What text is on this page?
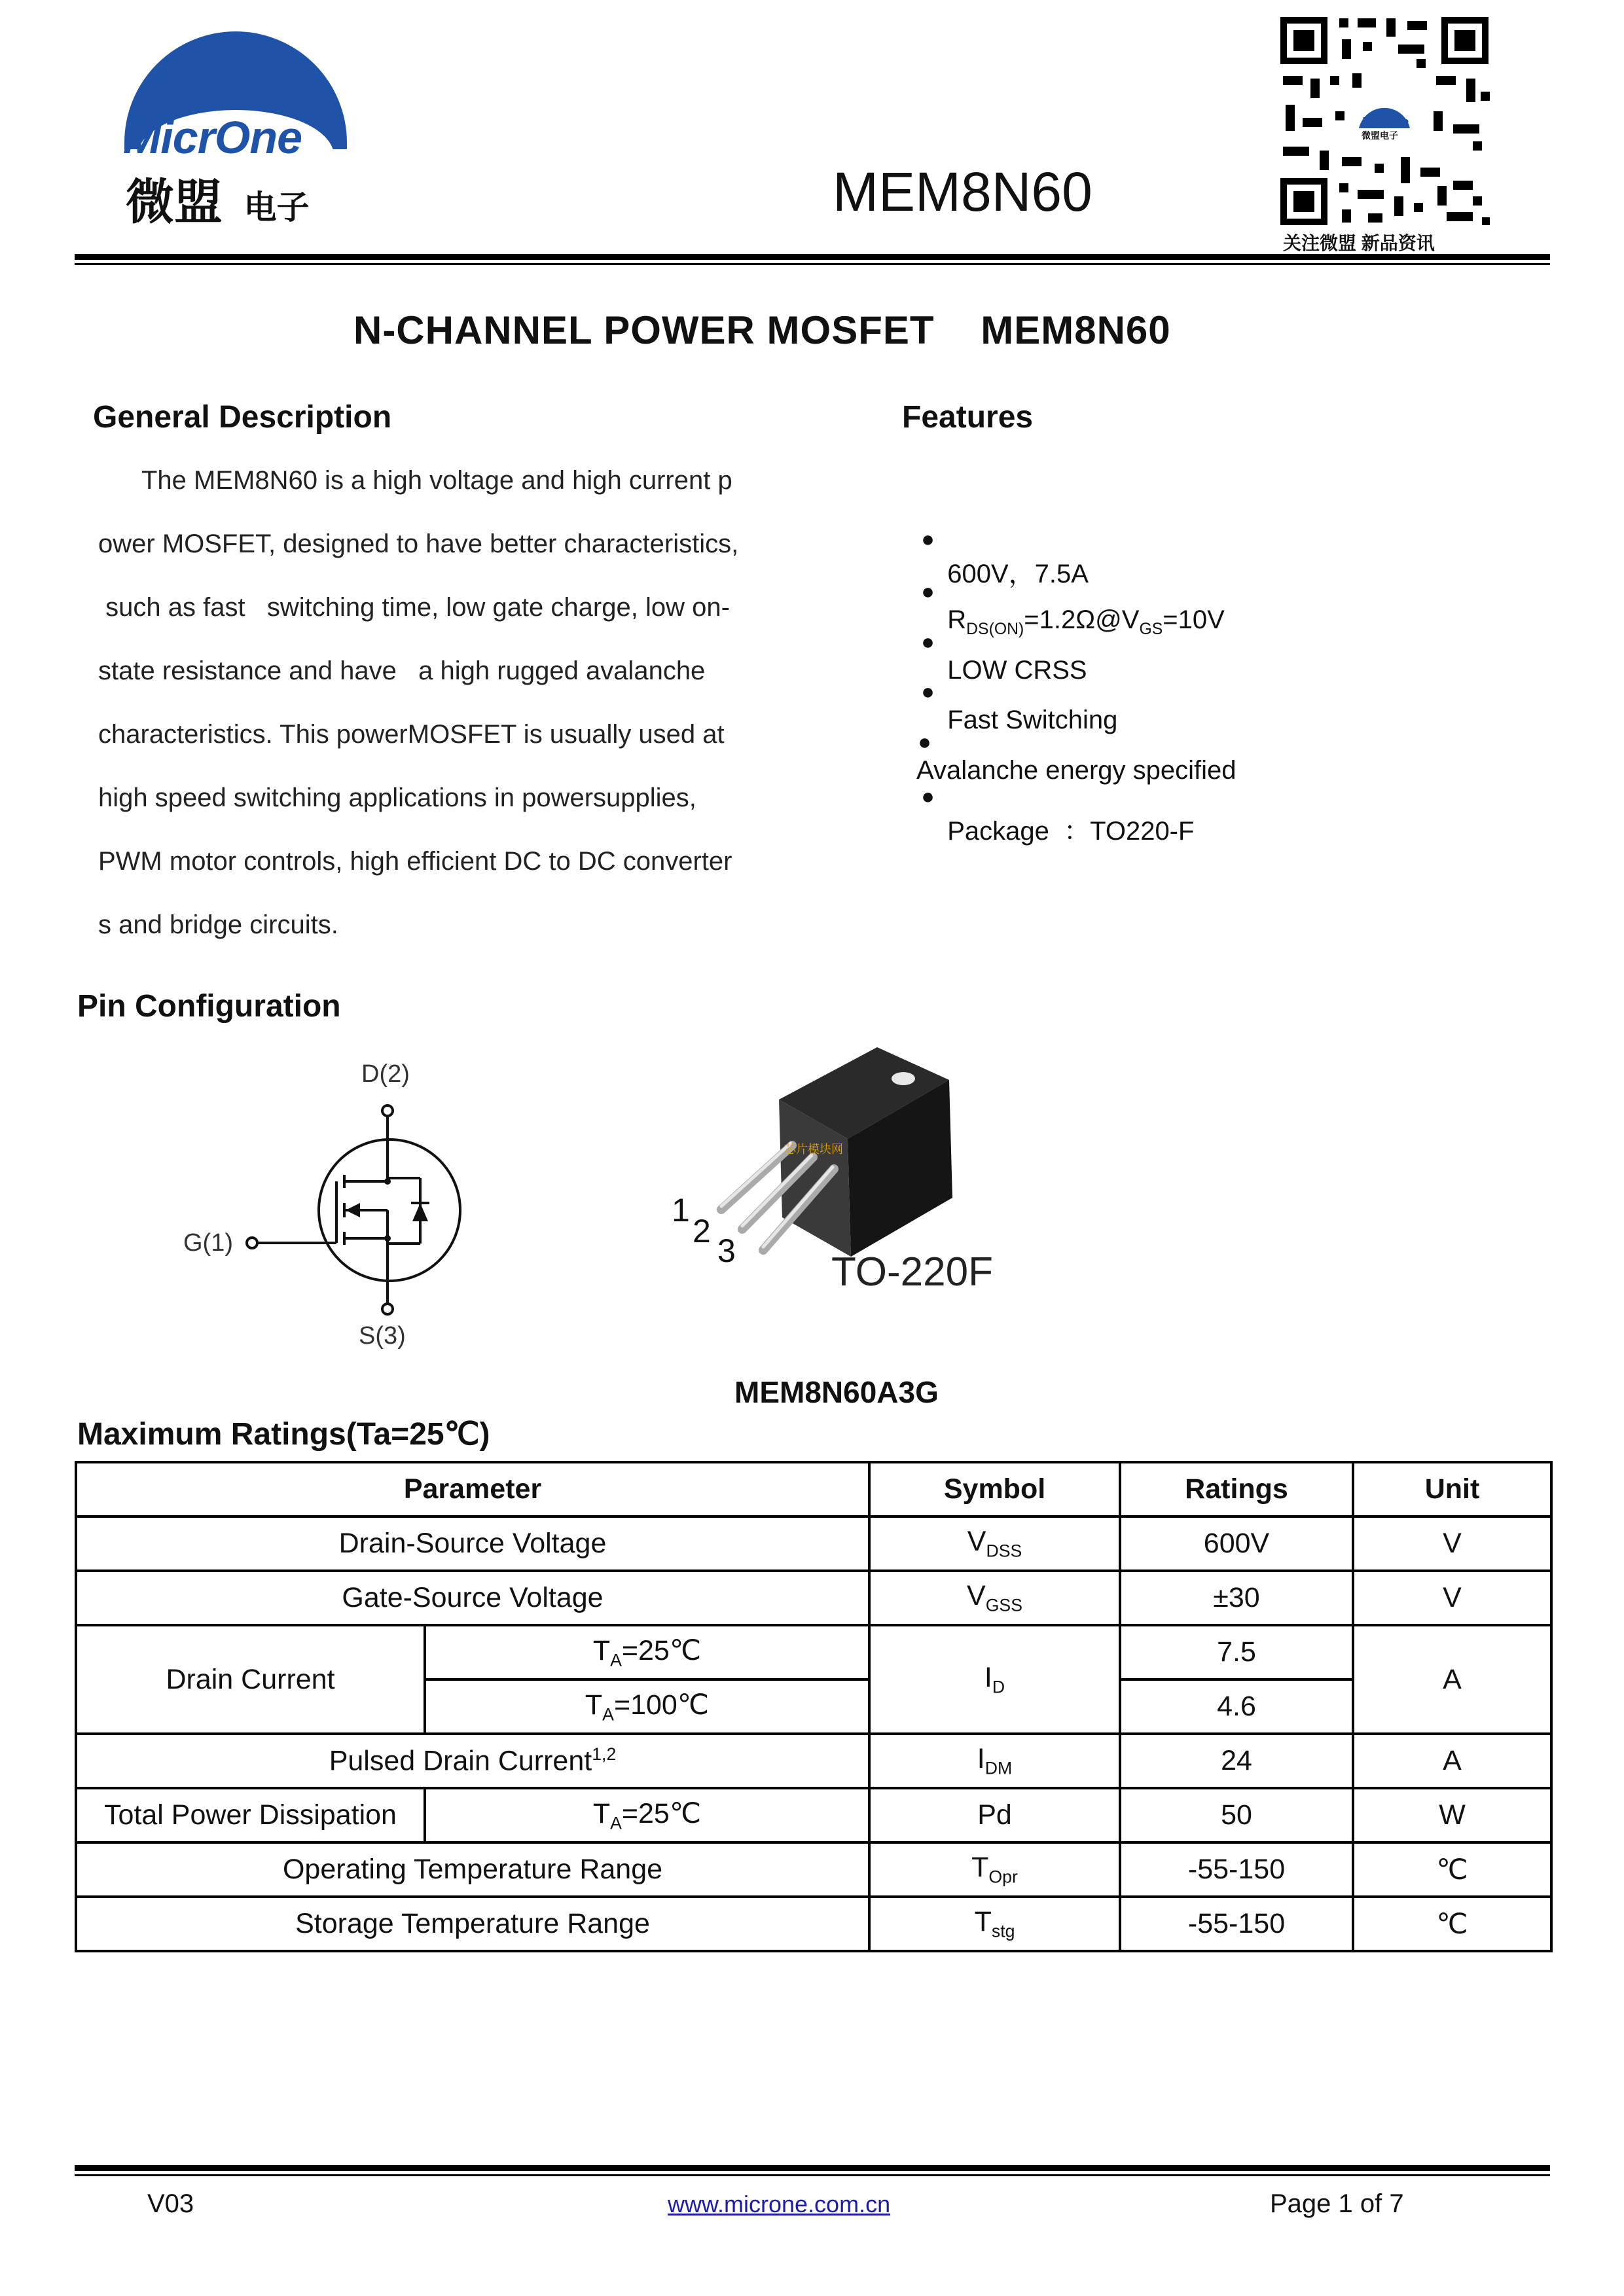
MicrOne
微盟 电子	MEM8N60
MicrOne
微盟电子
关注微盟 新品资讯
N-CHANNEL POWER MOSFET    MEM8N60
General Description
The MEM8N60 is a high voltage and high current p
ower MOSFET, designed to have better characteristics,
such as fast   switching time, low gate charge, low on-
state resistance and have   a high rugged avalanche
characteristics. This powerMOSFET is usually used at
high speed switching applications in powersupplies,
PWM motor controls, high efficient DC to DC converter
s and bridge circuits.
Features

●
600V，7.5A

●
$R_{DS(ON)}=1.2\Omega@V_{GS}=10V$

●
LOW CRSS

●
Fast Switching

●
Avalanche energy specified

●
Package  ：TO220-F

Pin Configuration
D(2)
G(1)
S(3)
芯片模块网
1
2
3 TO-220F
MEM8N60A3G
Maximum Ratings(Ta=25℃)
Parameter		Symbol	Ratings	Unit
Drain-Source Voltage		$V_{DSS}$	600V	V
Gate-Source Voltage		$V_{GSS}$	±30	V
Drain Current	$T_A=25℃$	$I_D$	7.5	A
	$T_A=100℃$		4.6	
Pulsed Drain Current$^{1,2}$		$I_{DM}$	24	A
Total Power Dissipation	$T_A=25℃$	Pd	50	W
Operating Temperature Range		$T_{Opr}$	-55-150	℃
Storage Temperature Range		$T_{stg}$	-55-150	℃
V03	www.microne.com.cn	Page 1 of 7
